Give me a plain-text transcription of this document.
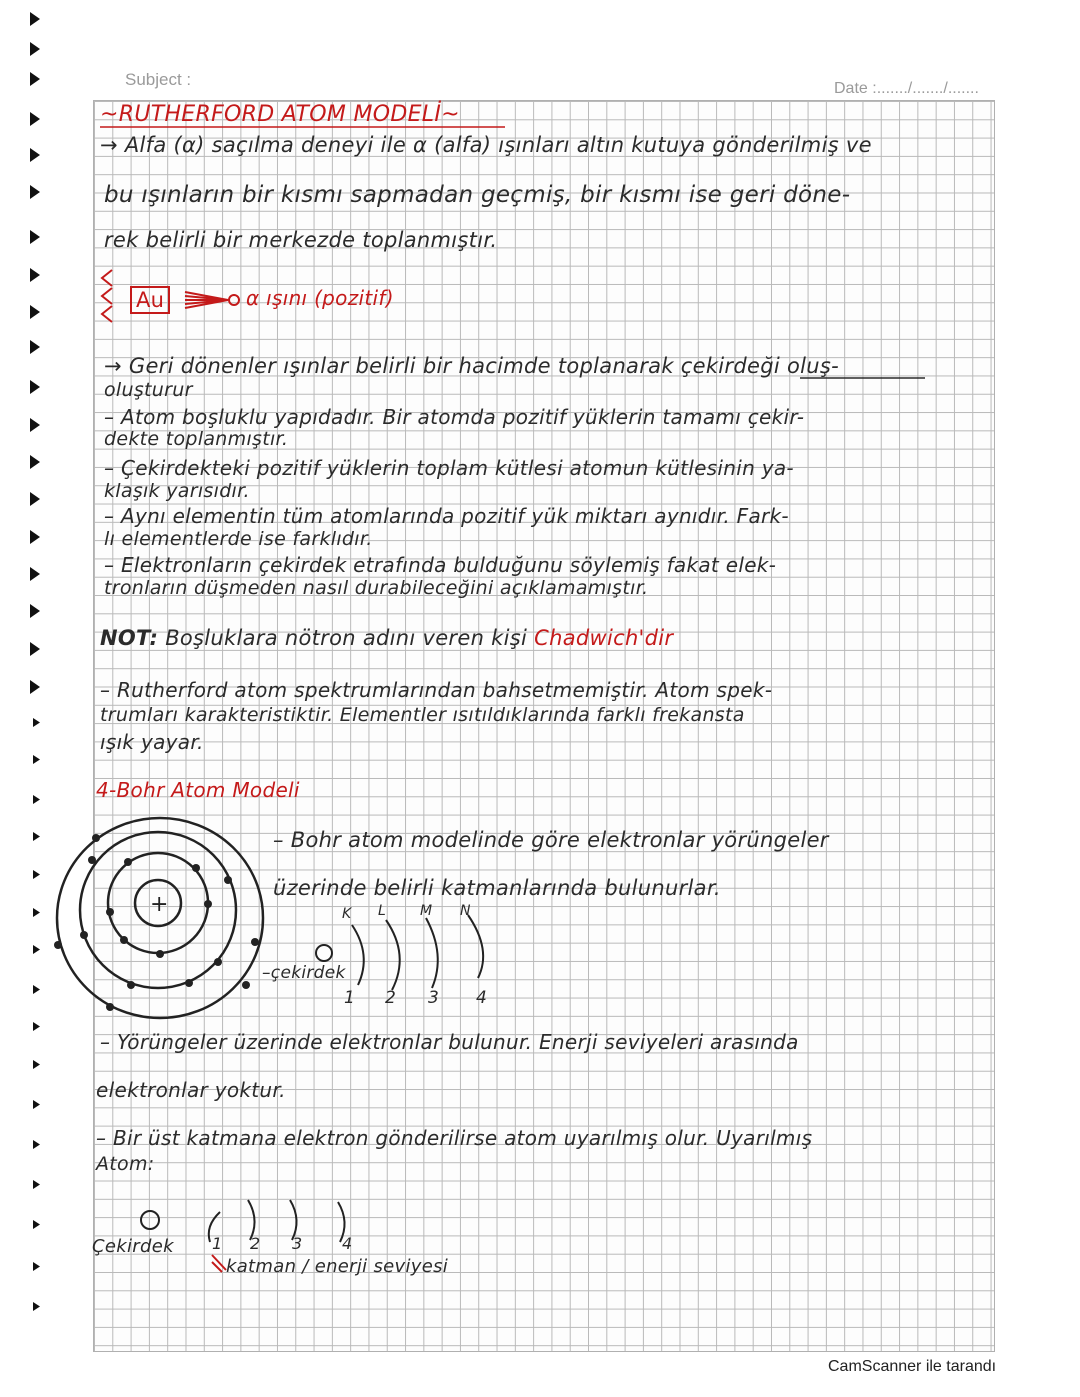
Subject :	Date :......./......./.......
~RUTHERFORD ATOM MODELİ~
→ Alfa (α) saçılma deneyi ile α (alfa) ışınları altın kutuya gönderilmiş ve
bu ışınların bir kısmı sapmadan geçmiş, bir kısmı ise geri döne-
rek belirli bir merkezde toplanmıştır.
Au	α ışını (pozitif)
→ Geri dönenler ışınlar belirli bir hacimde toplanarak çekirdeği oluş-
oluşturur
– Atom boşluklu yapıdadır. Bir atomda pozitif yüklerin tamamı çekir-
dekte toplanmıştır.
– Çekirdekteki pozitif yüklerin toplam kütlesi atomun kütlesinin ya-
klaşık yarısıdır.
– Aynı elementin tüm atomlarında pozitif yük miktarı aynıdır. Fark-
lı elementlerde ise farklıdır.
– Elektronların çekirdek etrafında bulduğunu söylemiş fakat elek-
tronların düşmeden nasıl durabileceğini açıklamamıştır.
NOT: Boşluklara nötron adını veren kişi Chadwich'dir
– Rutherford atom spektrumlarından bahsetmemiştir. Atom spek-
trumları karakteristiktir. Elementler ısıtıldıklarında farklı frekansta
ışık yayar.
4-Bohr Atom Modeli
– Bohr atom modelinde göre elektronlar yörüngeler
üzerinde belirli katmanlarında bulunurlar.
K L M N
–çekirdek
1 2 3 4
– Yörüngeler üzerinde elektronlar bulunur. Enerji seviyeleri arasında
elektronlar yoktur.
– Bir üst katmana elektron gönderilirse atom uyarılmış olur. Uyarılmış
Atom:
Çekirdek 1 2 3 4
katman / enerji seviyesi
+
CamScanner ile tarandı
